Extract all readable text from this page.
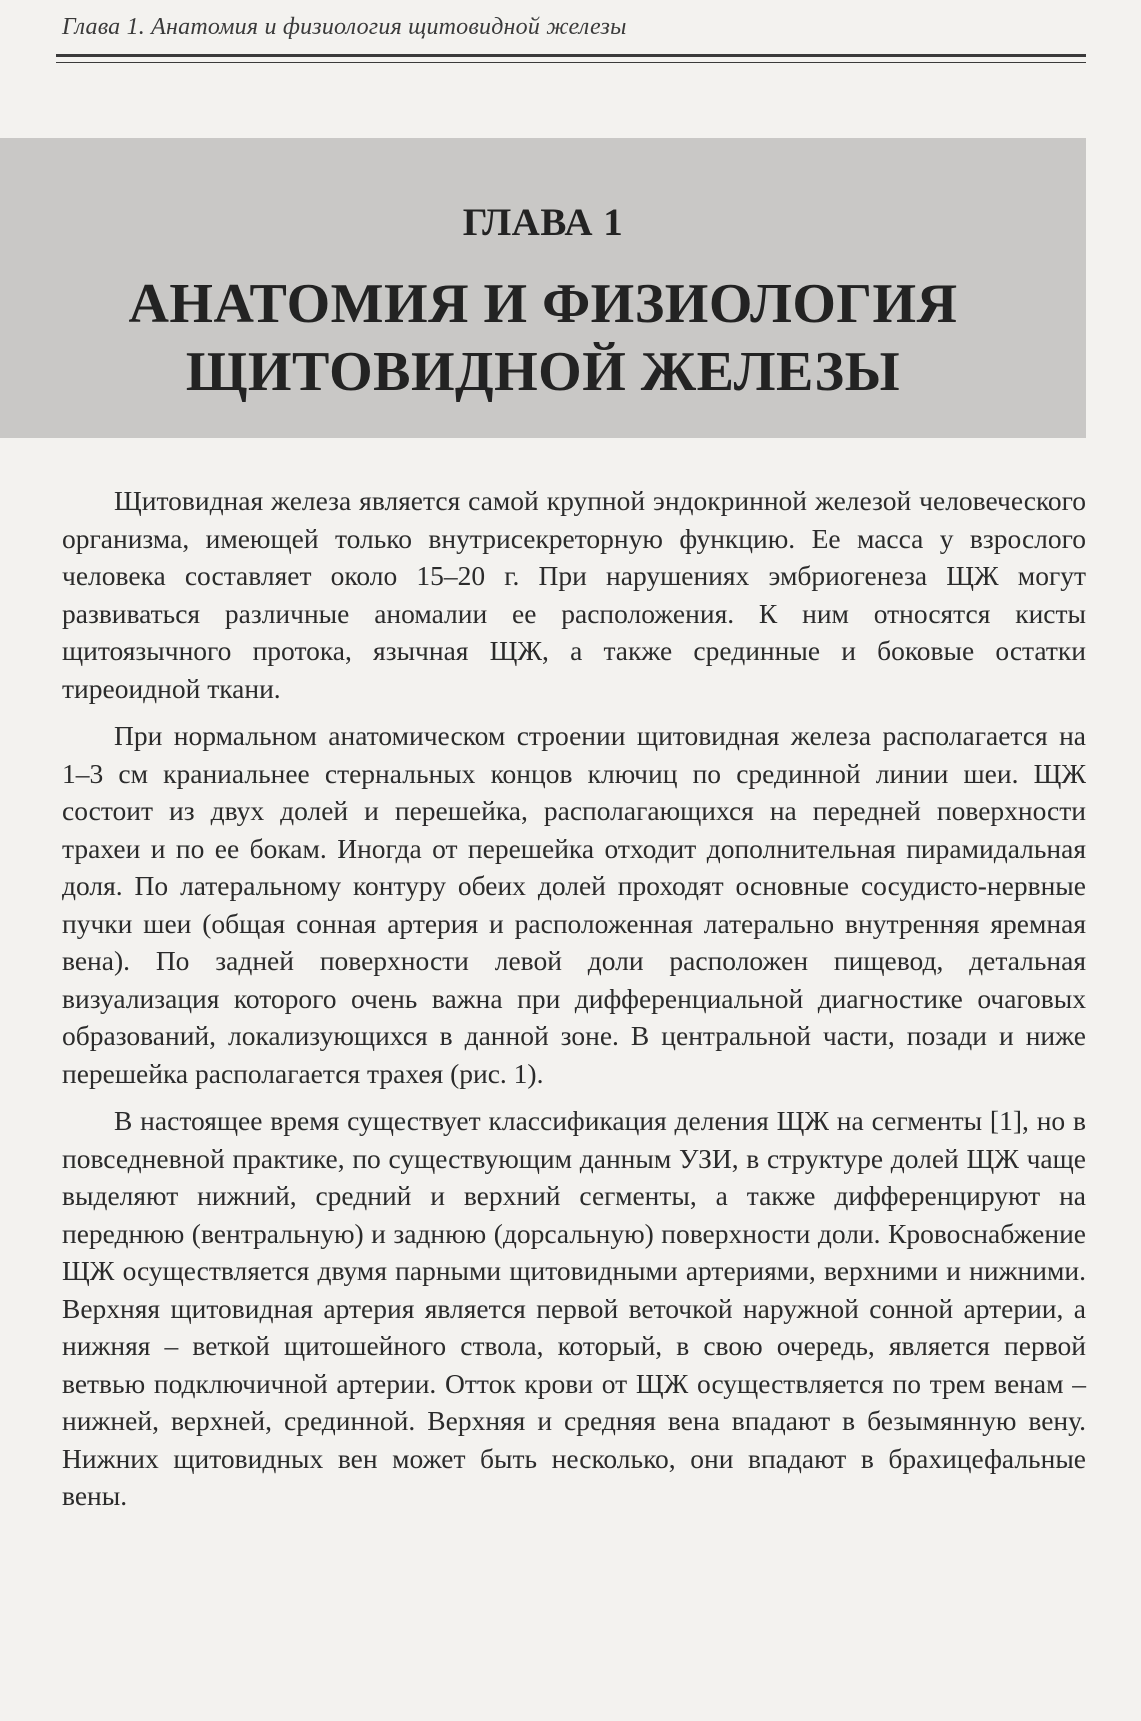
Глава 1. Анатомия и физиология щитовидной железы
ГЛАВА 1
АНАТОМИЯ И ФИЗИОЛОГИЯ
ЩИТОВИДНОЙ ЖЕЛЕЗЫ

Щитовидная железа является самой крупной эндокринной железой человеческого организма, имеющей только внутрисекреторную функцию. Ее масса у взрослого человека составляет около 15–20 г. При нарушениях эмбриогенеза ЩЖ могут развиваться различные аномалии ее расположения. К ним относятся кисты щитоязычного протока, язычная ЩЖ, а также срединные и боковые остатки тиреоидной ткани.

При нормальном анатомическом строении щитовидная железа располагается на 1–3 см краниальнее стернальных концов ключиц по срединной линии шеи. ЩЖ состоит из двух долей и перешейка, располагающихся на передней поверхности трахеи и по ее бокам. Иногда от перешейка отходит дополнительная пирамидальная доля. По латеральному контуру обеих долей проходят основные сосудисто-нервные пучки шеи (общая сонная артерия и расположенная латерально внутренняя яремная вена). По задней поверхности левой доли расположен пищевод, детальная визуализация которого очень важна при дифференциальной диагностике очаговых образований, локализующихся в данной зоне. В центральной части, позади и ниже перешейка располагается трахея (рис. 1).

В настоящее время существует классификация деления ЩЖ на сегменты [1], но в повседневной практике, по существующим данным УЗИ, в структуре долей ЩЖ чаще выделяют нижний, средний и верхний сегменты, а также дифференцируют на переднюю (вентральную) и заднюю (дорсальную) поверхности доли. Кровоснабжение ЩЖ осуществляется двумя парными щитовидными артериями, верхними и нижними. Верхняя щитовидная артерия является первой веточкой наружной сонной артерии, а нижняя – веткой щитошейного ствола, который, в свою очередь, является первой ветвью подключичной артерии. Отток крови от ЩЖ осуществляется по трем венам – нижней, верхней, срединной. Верхняя и средняя вена впадают в безымянную вену. Нижних щитовидных вен может быть несколько, они впадают в брахицефальные вены.
